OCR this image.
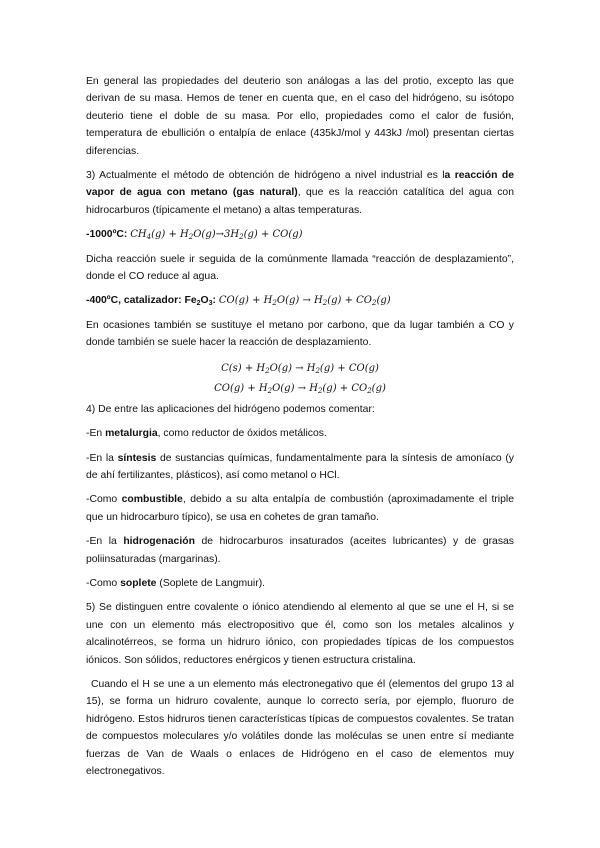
En general las propiedades del deuterio son análogas a las del protio, excepto las que derivan de su masa. Hemos de tener en cuenta que, en el caso del hidrógeno, su isótopo deuterio tiene el doble de su masa. Por ello, propiedades como el calor de fusión, temperatura de ebullición o entalpía de enlace (435kJ/mol y 443kJ /mol) presentan ciertas diferencias.

3) Actualmente el método de obtención de hidrógeno a nivel industrial es la reacción de vapor de agua con metano (gas natural), que es la reacción catalítica del agua con hidrocarburos (típicamente el metano) a altas temperaturas.

-1000ºC: $CH_4(g) + H_2O(g)\to 3H_2(g) + CO(g)$

Dicha reacción suele ir seguida de la comúnmente llamada “reacción de desplazamiento”, donde el CO reduce al agua.

-400ºC, catalizador: $Fe_2O_3$: $CO(g) + H_2O(g) \to H_2(g) + CO_2(g)$

En ocasiones también se sustituye el metano por carbono, que da lugar también a CO y donde también se suele hacer la reacción de desplazamiento.

$C(s) + H_2O(g) \to H_2(g) + CO(g)$
$CO(g) + H_2O(g) \to H_2(g) + CO_2(g)$

4) De entre las aplicaciones del hidrógeno podemos comentar:

-En metalurgia, como reductor de óxidos metálicos.

-En la síntesis de sustancias químicas, fundamentalmente para la síntesis de amoníaco (y de ahí fertilizantes, plásticos), así como metanol o HCl.

-Como combustible, debido a su alta entalpía de combustión (aproximadamente el triple que un hidrocarburo típico), se usa en cohetes de gran tamaño.

-En la hidrogenación de hidrocarburos insaturados (aceites lubricantes) y de grasas poliinsaturadas (margarinas).

-Como soplete (Soplete de Langmuir).

5) Se distinguen entre covalente o iónico atendiendo al elemento al que se une el H, si se une con un elemento más electropositivo que él, como son los metales alcalinos y alcalinotérreos, se forma un hidruro iónico, con propiedades típicas de los compuestos iónicos. Son sólidos, reductores enérgicos y tienen estructura cristalina.

Cuando el H se une a un elemento más electronegativo que él (elementos del grupo 13 al 15), se forma un hidruro covalente, aunque lo correcto sería, por ejemplo, fluoruro de hidrógeno. Estos hidruros tienen características típicas de compuestos covalentes. Se tratan de compuestos moleculares y/o volátiles donde las moléculas se unen entre sí mediante fuerzas de Van de Waals o enlaces de Hidrógeno en el caso de elementos muy electronegativos.
